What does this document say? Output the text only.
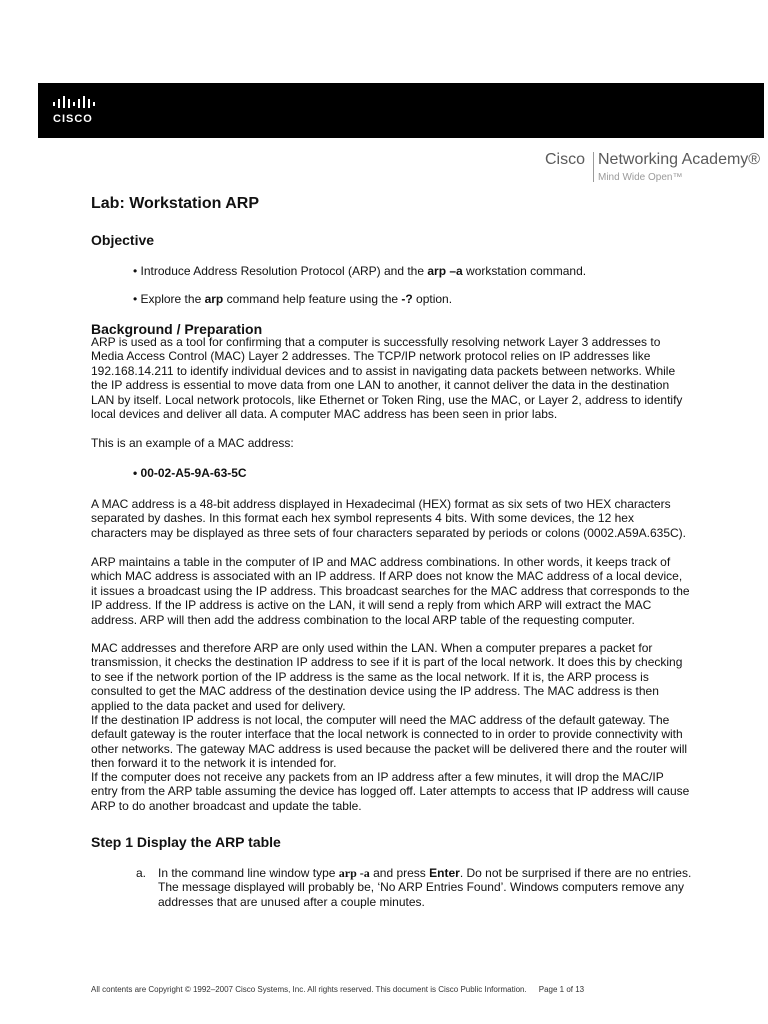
CISCO
Cisco Networking Academy®
Mind Wide Open™
Lab: Workstation ARP
Objective

• Introduce Address Resolution Protocol (ARP) and the arp –a workstation command.

• Explore the arp command help feature using the -? option.

Background / Preparation

ARP is used as a tool for confirming that a computer is successfully resolving network Layer 3 addresses to Media Access Control (MAC) Layer 2 addresses. The TCP/IP network protocol relies on IP addresses like 192.168.14.211 to identify individual devices and to assist in navigating data packets between networks. While the IP address is essential to move data from one LAN to another, it cannot deliver the data in the destination LAN by itself. Local network protocols, like Ethernet or Token Ring, use the MAC, or Layer 2, address to identify local devices and deliver all data. A computer MAC address has been seen in prior labs.

This is an example of a MAC address:

• 00-02-A5-9A-63-5C

A MAC address is a 48-bit address displayed in Hexadecimal (HEX) format as six sets of two HEX characters separated by dashes. In this format each hex symbol represents 4 bits. With some devices, the 12 hex characters may be displayed as three sets of four characters separated by periods or colons (0002.A59A.635C).

ARP maintains a table in the computer of IP and MAC address combinations. In other words, it keeps track of which MAC address is associated with an IP address. If ARP does not know the MAC address of a local device, it issues a broadcast using the IP address. This broadcast searches for the MAC address that corresponds to the IP address. If the IP address is active on the LAN, it will send a reply from which ARP will extract the MAC address. ARP will then add the address combination to the local ARP table of the requesting computer.

MAC addresses and therefore ARP are only used within the LAN. When a computer prepares a packet for transmission, it checks the destination IP address to see if it is part of the local network. It does this by checking to see if the network portion of the IP address is the same as the local network. If it is, the ARP process is consulted to get the MAC address of the destination device using the IP address. The MAC address is then applied to the data packet and used for delivery.

If the destination IP address is not local, the computer will need the MAC address of the default gateway. The default gateway is the router interface that the local network is connected to in order to provide connectivity with other networks. The gateway MAC address is used because the packet will be delivered there and the router will then forward it to the network it is intended for.

If the computer does not receive any packets from an IP address after a few minutes, it will drop the MAC/IP entry from the ARP table assuming the device has logged off. Later attempts to access that IP address will cause ARP to do another broadcast and update the table.

Step 1 Display the ARP table
a. In the command line window type arp -a and press Enter. Do not be surprised if there are no entries. The message displayed will probably be, ‘No ARP Entries Found’. Windows computers remove any addresses that are unused after a couple minutes.

All contents are Copyright © 1992–2007 Cisco Systems, Inc. All rights reserved. This document is Cisco Public Information. Page 1 of 13
